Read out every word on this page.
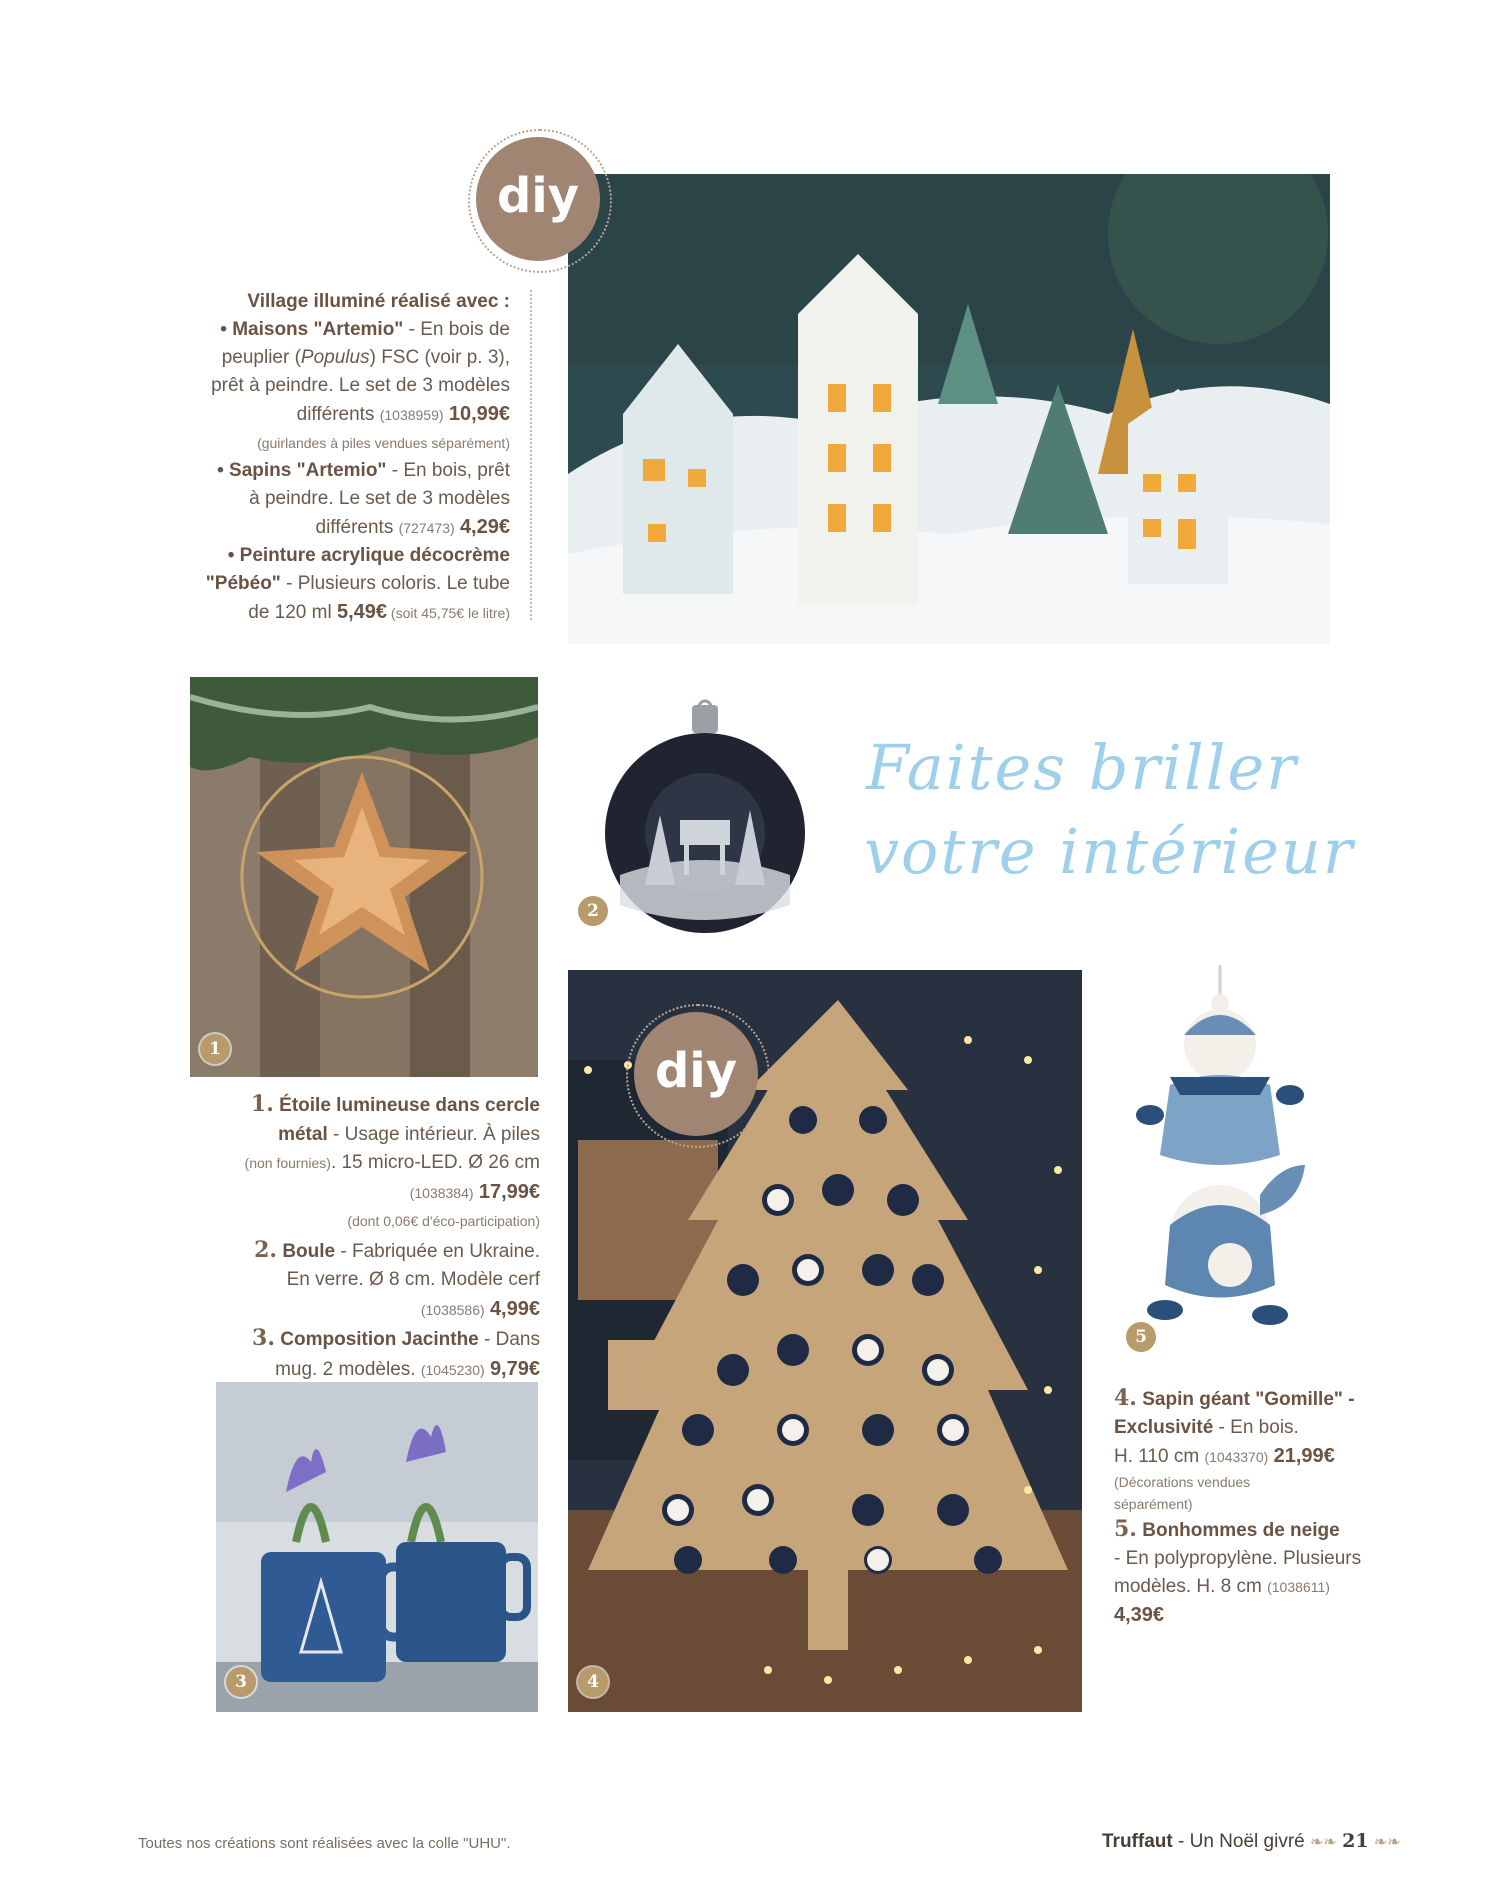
diy
Village illuminé réalisé avec :
• Maisons "Artemio" - En bois de
peuplier (Populus) FSC (voir p. 3),
prêt à peindre. Le set de 3 modèles
différents (1038959) 10,99€
(guirlandes à piles vendues séparément)
• Sapins "Artemio" - En bois, prêt
à peindre. Le set de 3 modèles
différents (727473) 4,29€
• Peinture acrylique décocrème
"Pébéo" - Plusieurs coloris. Le tube
de 120 ml 5,49€ (soit 45,75€ le litre)
1
2
Faites briller
votre intérieur
1. Étoile lumineuse dans cercle
métal - Usage intérieur. À piles
(non fournies). 15 micro-LED. Ø 26 cm
(1038384) 17,99€
(dont 0,06€ d'éco-participation)
2. Boule - Fabriquée en Ukraine.
En verre. Ø 8 cm. Modèle cerf
(1038586) 4,99€
3. Composition Jacinthe - Dans
mug. 2 modèles. (1045230) 9,79€
3
diy
4
5
4. Sapin géant "Gomille" -
Exclusivité - En bois.
H. 110 cm (1043370) 21,99€
(Décorations vendues
séparément)
5. Bonhommes de neige
- En polypropylène. Plusieurs
modèles. H. 8 cm (1038611)
4,39€
Toutes nos créations sont réalisées avec la colle "UHU".	Truffaut - Un Noël givré ❧❧ 21 ❧❧
